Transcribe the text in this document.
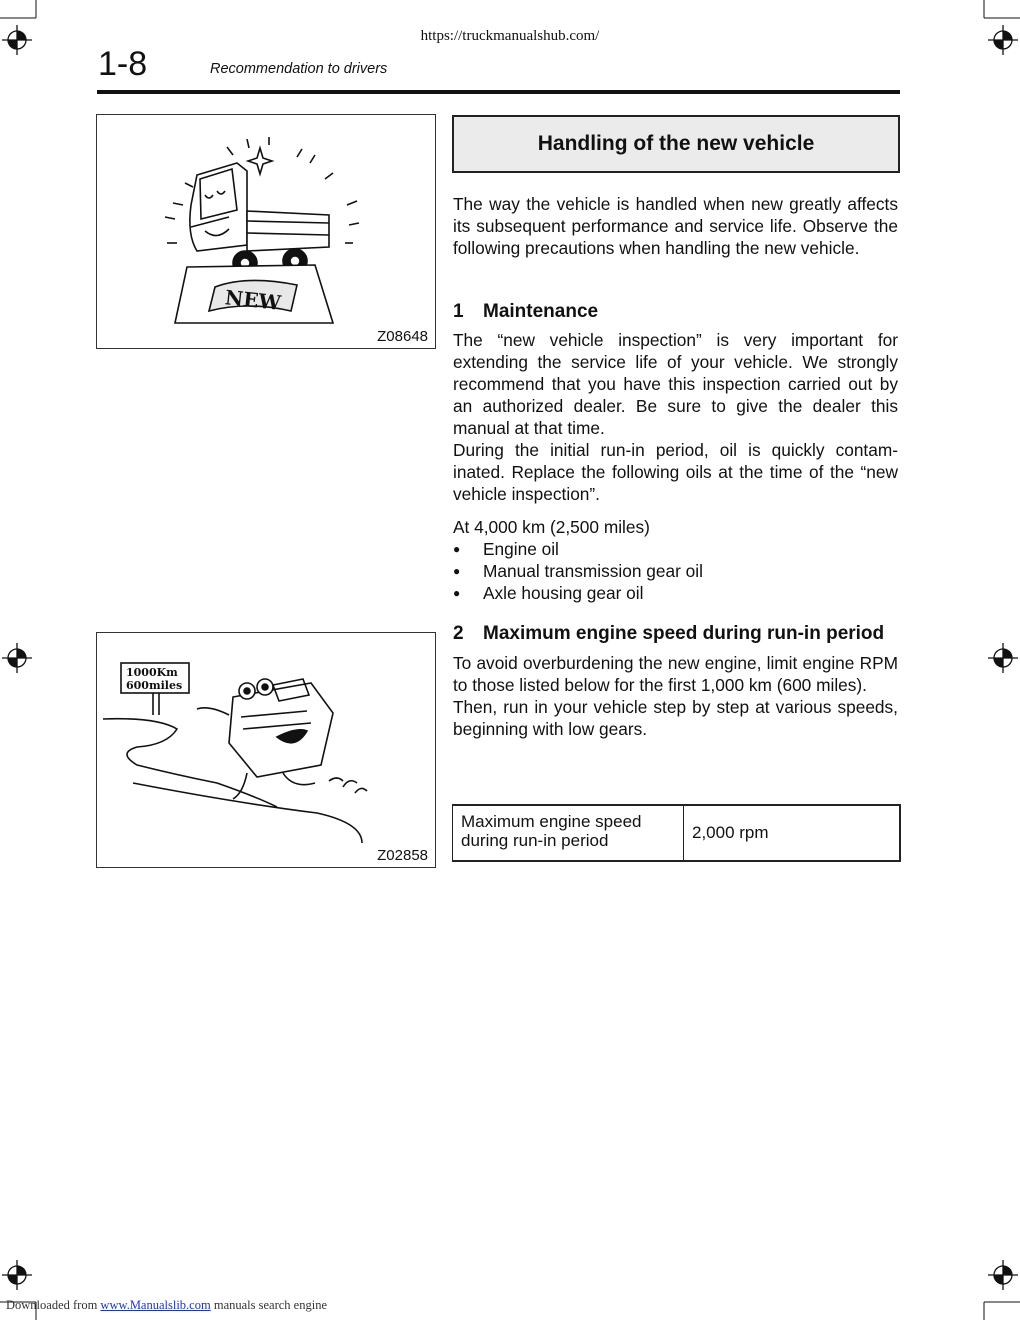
https://truckmanualshub.com/
1-8	Recommendation to drivers
NEW
Z08648
1000Km
600miles
Z02858
Handling of the new vehicle

The way the vehicle is handled when new greatly affects its subsequent performance and service life. Observe the following precautions when handling the new vehicle.

1 Maintenance

The “new vehicle inspection” is very important for extending the service life of your vehicle. We strongly recommend that you have this inspection carried out by an authorized dealer. Be sure to give the dealer this manual at that time.

During the initial run-in period, oil is quickly contam-inated. Replace the following oils at the time of the “new vehicle inspection”.

At 4,000 km (2,500 miles)

● Engine oil
● Manual transmission gear oil
● Axle housing gear oil
2	Maximum engine speed during run-in period

To avoid overburdening the new engine, limit engine RPM to those listed below for the first 1,000 km (600 miles).

Then, run in your vehicle step by step at various speeds, beginning with low gears.

Maximum engine speed during run-in period	2,000 rpm
Downloaded from www.Manualslib.com manuals search engine
